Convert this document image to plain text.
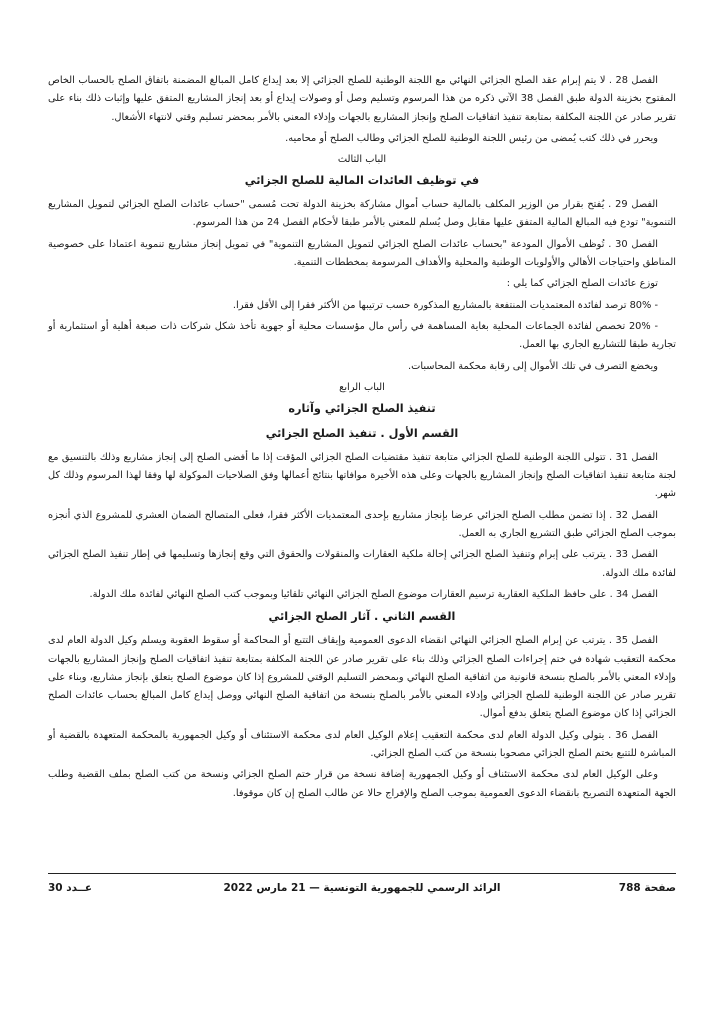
الفصل 28 . لا يتم إبرام عقد الصلح الجزائي النهائي مع اللجنة الوطنية للصلح الجزائي إلا بعد إيداع كامل المبالغ المضمنة باتفاق الصلح بالحساب الخاص المفتوح بخزينة الدولة طبق الفصل 38 الآتي ذكره من هذا المرسوم وتسليم وصل أو وصولات إيداع أو بعد إنجاز المشاريع المتفق عليها وإثبات ذلك بناء على تقرير صادر عن اللجنة المكلفة بمتابعة تنفيذ اتفاقيات الصلح وإنجاز المشاريع بالجهات وإدلاء المعني بالأمر بمحضر تسليم وقتي لانتهاء الأشغال.

ويحرر في ذلك كتب يُمضى من رئيس اللجنة الوطنية للصلح الجزائي وطالب الصلح أو محاميه.

الباب الثالث
في توظيف العائدات المالية للصلح الجزائي

الفصل 29 . يُفتح بقرار من الوزير المكلف بالمالية حساب أموال مشاركة بخزينة الدولة تحت مُسمى "حساب عائدات الصلح الجزائي لتمويل المشاريع التنموية" تودع فيه المبالغ المالية المتفق عليها مقابل وصل يُسلم للمعني بالأمر طبقا لأحكام الفصل 24 من هذا المرسوم.

الفصل 30 . تُوظف الأموال المودعة "بحساب عائدات الصلح الجزائي لتمويل المشاريع التنموية" في تمويل إنجاز مشاريع تنموية اعتمادا على خصوصية المناطق واحتياجات الأهالي والأولويات الوطنية والمحلية والأهداف المرسومة بمخططات التنمية.

توزع عائدات الصلح الجزائي كما يلي :

- 80% ترصد لفائدة المعتمديات المنتفعة بالمشاريع المذكورة حسب ترتيبها من الأكثر فقرا إلى الأقل فقرا.

- 20% تخصص لفائدة الجماعات المحلية بغاية المساهمة في رأس مال مؤسسات محلية أو جهوية تأخذ شكل شركات ذات صبغة أهلية أو استثمارية أو تجارية طبقا للتشاريع الجاري بها العمل.

ويخضع التصرف في تلك الأموال إلى رقابة محكمة المحاسبات.

الباب الرابع
تنفيذ الصلح الجزائي وآثاره
القسم الأول . تنفيذ الصلح الجزائي

الفصل 31 . تتولى اللجنة الوطنية للصلح الجزائي متابعة تنفيذ مقتضيات الصلح الجزائي المؤقت إذا ما أفضى الصلح إلى إنجاز مشاريع وذلك بالتنسيق مع لجنة متابعة تنفيذ اتفاقيات الصلح وإنجاز المشاريع بالجهات وعلى هذه الأخيرة موافاتها بنتائج أعمالها وفق الصلاحيات الموكولة لها وفقا لهذا المرسوم وذلك كل شهر.

الفصل 32 . إذا تضمن مطلب الصلح الجزائي عرضا بإنجاز مشاريع بإحدى المعتمديات الأكثر فقرا، فعلى المتصالح الضمان العشري للمشروع الذي أنجزه بموجب الصلح الجزائي طبق التشريع الجاري به العمل.

الفصل 33 . يترتب على إبرام وتنفيذ الصلح الجزائي إحالة ملكية العقارات والمنقولات والحقوق التي وقع إنجازها وتسليمها في إطار تنفيذ الصلح الجزائي لفائدة ملك الدولة.

الفصل 34 . على حافظ الملكية العقارية ترسيم العقارات موضوع الصلح الجزائي النهائي تلقائيا وبموجب كتب الصلح النهائي لفائدة ملك الدولة.

القسم الثاني . آثار الصلح الجزائي

الفصل 35 . يترتب عن إبرام الصلح الجزائي النهائي انقضاء الدعوى العمومية وإيقاف التتبع أو المحاكمة أو سقوط العقوبة ويسلم وكيل الدولة العام لدى محكمة التعقيب شهادة في ختم إجراءات الصلح الجزائي وذلك بناء على تقرير صادر عن اللجنة المكلفة بمتابعة تنفيذ اتفاقيات الصلح وإنجاز المشاريع بالجهات وإدلاء المعني بالأمر بالصلح بنسخة قانونية من اتفاقية الصلح النهائي وبمحضر التسليم الوقتي للمشروع إذا كان موضوع الصلح يتعلق بإنجاز مشاريع، وبناء على تقرير صادر عن اللجنة الوطنية للصلح الجزائي وإدلاء المعني بالأمر بالصلح بنسخة من اتفاقية الصلح النهائي ووصل إيداع كامل المبالغ بحساب عائدات الصلح الجزائي إذا كان موضوع الصلح يتعلق بدفع أموال.

الفصل 36 . يتولى وكيل الدولة العام لدى محكمة التعقيب إعلام الوكيل العام لدى محكمة الاستئناف أو وكيل الجمهورية بالمحكمة المتعهدة بالقضية أو المباشرة للتتبع بختم الصلح الجزائي مصحوبا بنسخة من كتب الصلح الجزائي.

وعلى الوكيل العام لدى محكمة الاستئناف أو وكيل الجمهورية إضافة نسخة من قرار ختم الصلح الجزائي ونسخة من كتب الصلح بملف القضية وطلب الجهة المتعهدة التصريح بانقضاء الدعوى العمومية بموجب الصلح والإفراج حالا عن طالب الصلح إن كان موقوفا.

صفحة 788
الرائد الرسمي للجمهورية التونسية — 21 مارس 2022
عــدد 30
